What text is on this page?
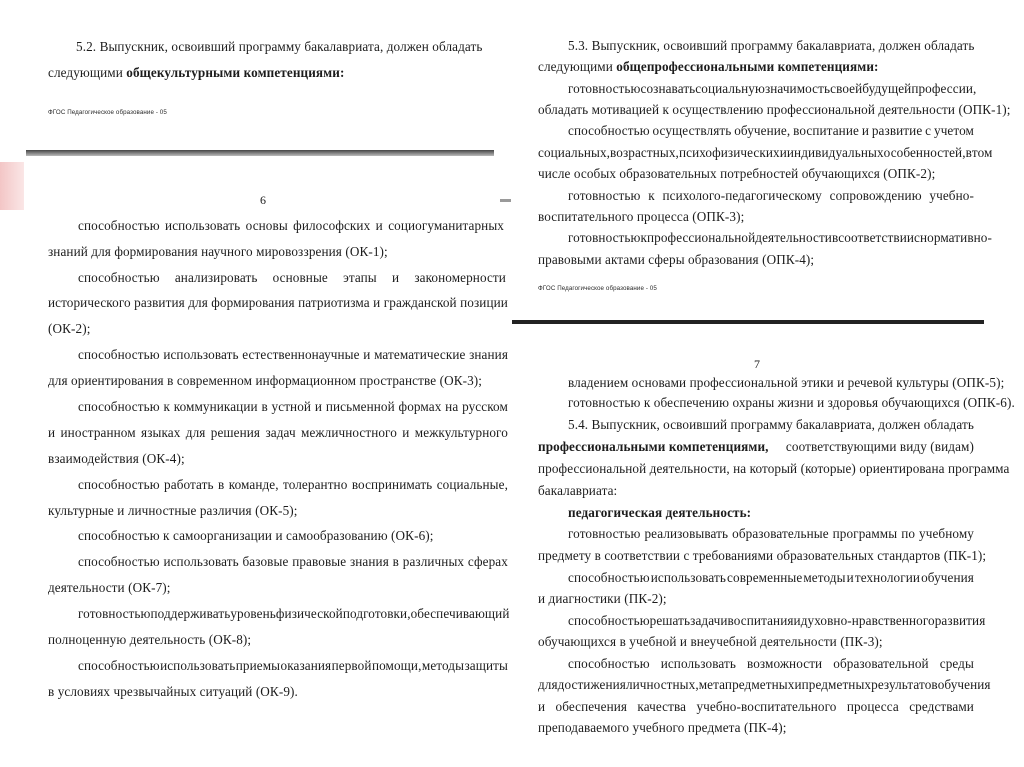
5.2. Выпускник, освоивший программу бакалавриата, должен обладать
следующими общекультурными компетенциями:
ФГОС Педагогическое образование - 05
6
способностью использовать основы философских и социогуманитарных
знаний для формирования научного мировоззрения (ОК-1);
способностью анализировать основные этапы и закономерности
исторического развития для формирования патриотизма и гражданской позиции
(ОК-2);
способностью использовать естественнонаучные и математические знания
для ориентирования в современном информационном пространстве (ОК-3);
способностью к коммуникации в устной и письменной формах на русском
и иностранном языках для решения задач межличностного и межкультурного
взаимодействия (ОК-4);
способностью работать в команде, толерантно воспринимать социальные,
культурные и личностные различия (ОК-5);
способностью к самоорганизации и самообразованию (ОК-6);
способностью использовать базовые правовые знания в различных сферах
деятельности (ОК-7);
готовностью поддерживать уровень физической подготовки, обеспечивающий
полноценную деятельность (ОК-8);
способностью использовать приемы оказания первой помощи, методы защиты
в условиях чрезвычайных ситуаций (ОК-9).
5.3. Выпускник, освоивший программу бакалавриата, должен обладать
следующими общепрофессиональными компетенциями:
готовностью сознавать социальную значимость своей будущей профессии,
обладать мотивацией к осуществлению профессиональной деятельности (ОПК-1);
способностью осуществлять обучение, воспитание и развитие с учетом
социальных, возрастных, психофизических и индивидуальных особенностей, в том
числе особых образовательных потребностей обучающихся (ОПК-2);
готовностью к психолого-педагогическому сопровождению учебно-
воспитательного процесса (ОПК-3);
готовностью к профессиональной деятельности в соответствии с нормативно-
правовыми актами сферы образования (ОПК-4);
ФГОС Педагогическое образование - 05
7
владением основами профессиональной этики и речевой культуры (ОПК-5);
готовностью к обеспечению охраны жизни и здоровья обучающихся (ОПК-6).
5.4. Выпускник, освоивший программу бакалавриата, должен обладать
профессиональными компетенциями, соответствующими виду (видам)
профессиональной деятельности, на который (которые) ориентирована программа
бакалавриата:
педагогическая деятельность:
готовностью реализовывать образовательные программы по учебному
предмету в соответствии с требованиями образовательных стандартов (ПК-1);
способностью использовать современные методы и технологии обучения
и диагностики (ПК-2);
способностью решать задачи воспитания и духовно-нравственного развития
обучающихся в учебной и внеучебной деятельности (ПК-3);
способностью использовать возможности образовательной среды
для достижения личностных, метапредметных и предметных результатов обучения
и обеспечения качества учебно-воспитательного процесса средствами
преподаваемого учебного предмета (ПК-4);
